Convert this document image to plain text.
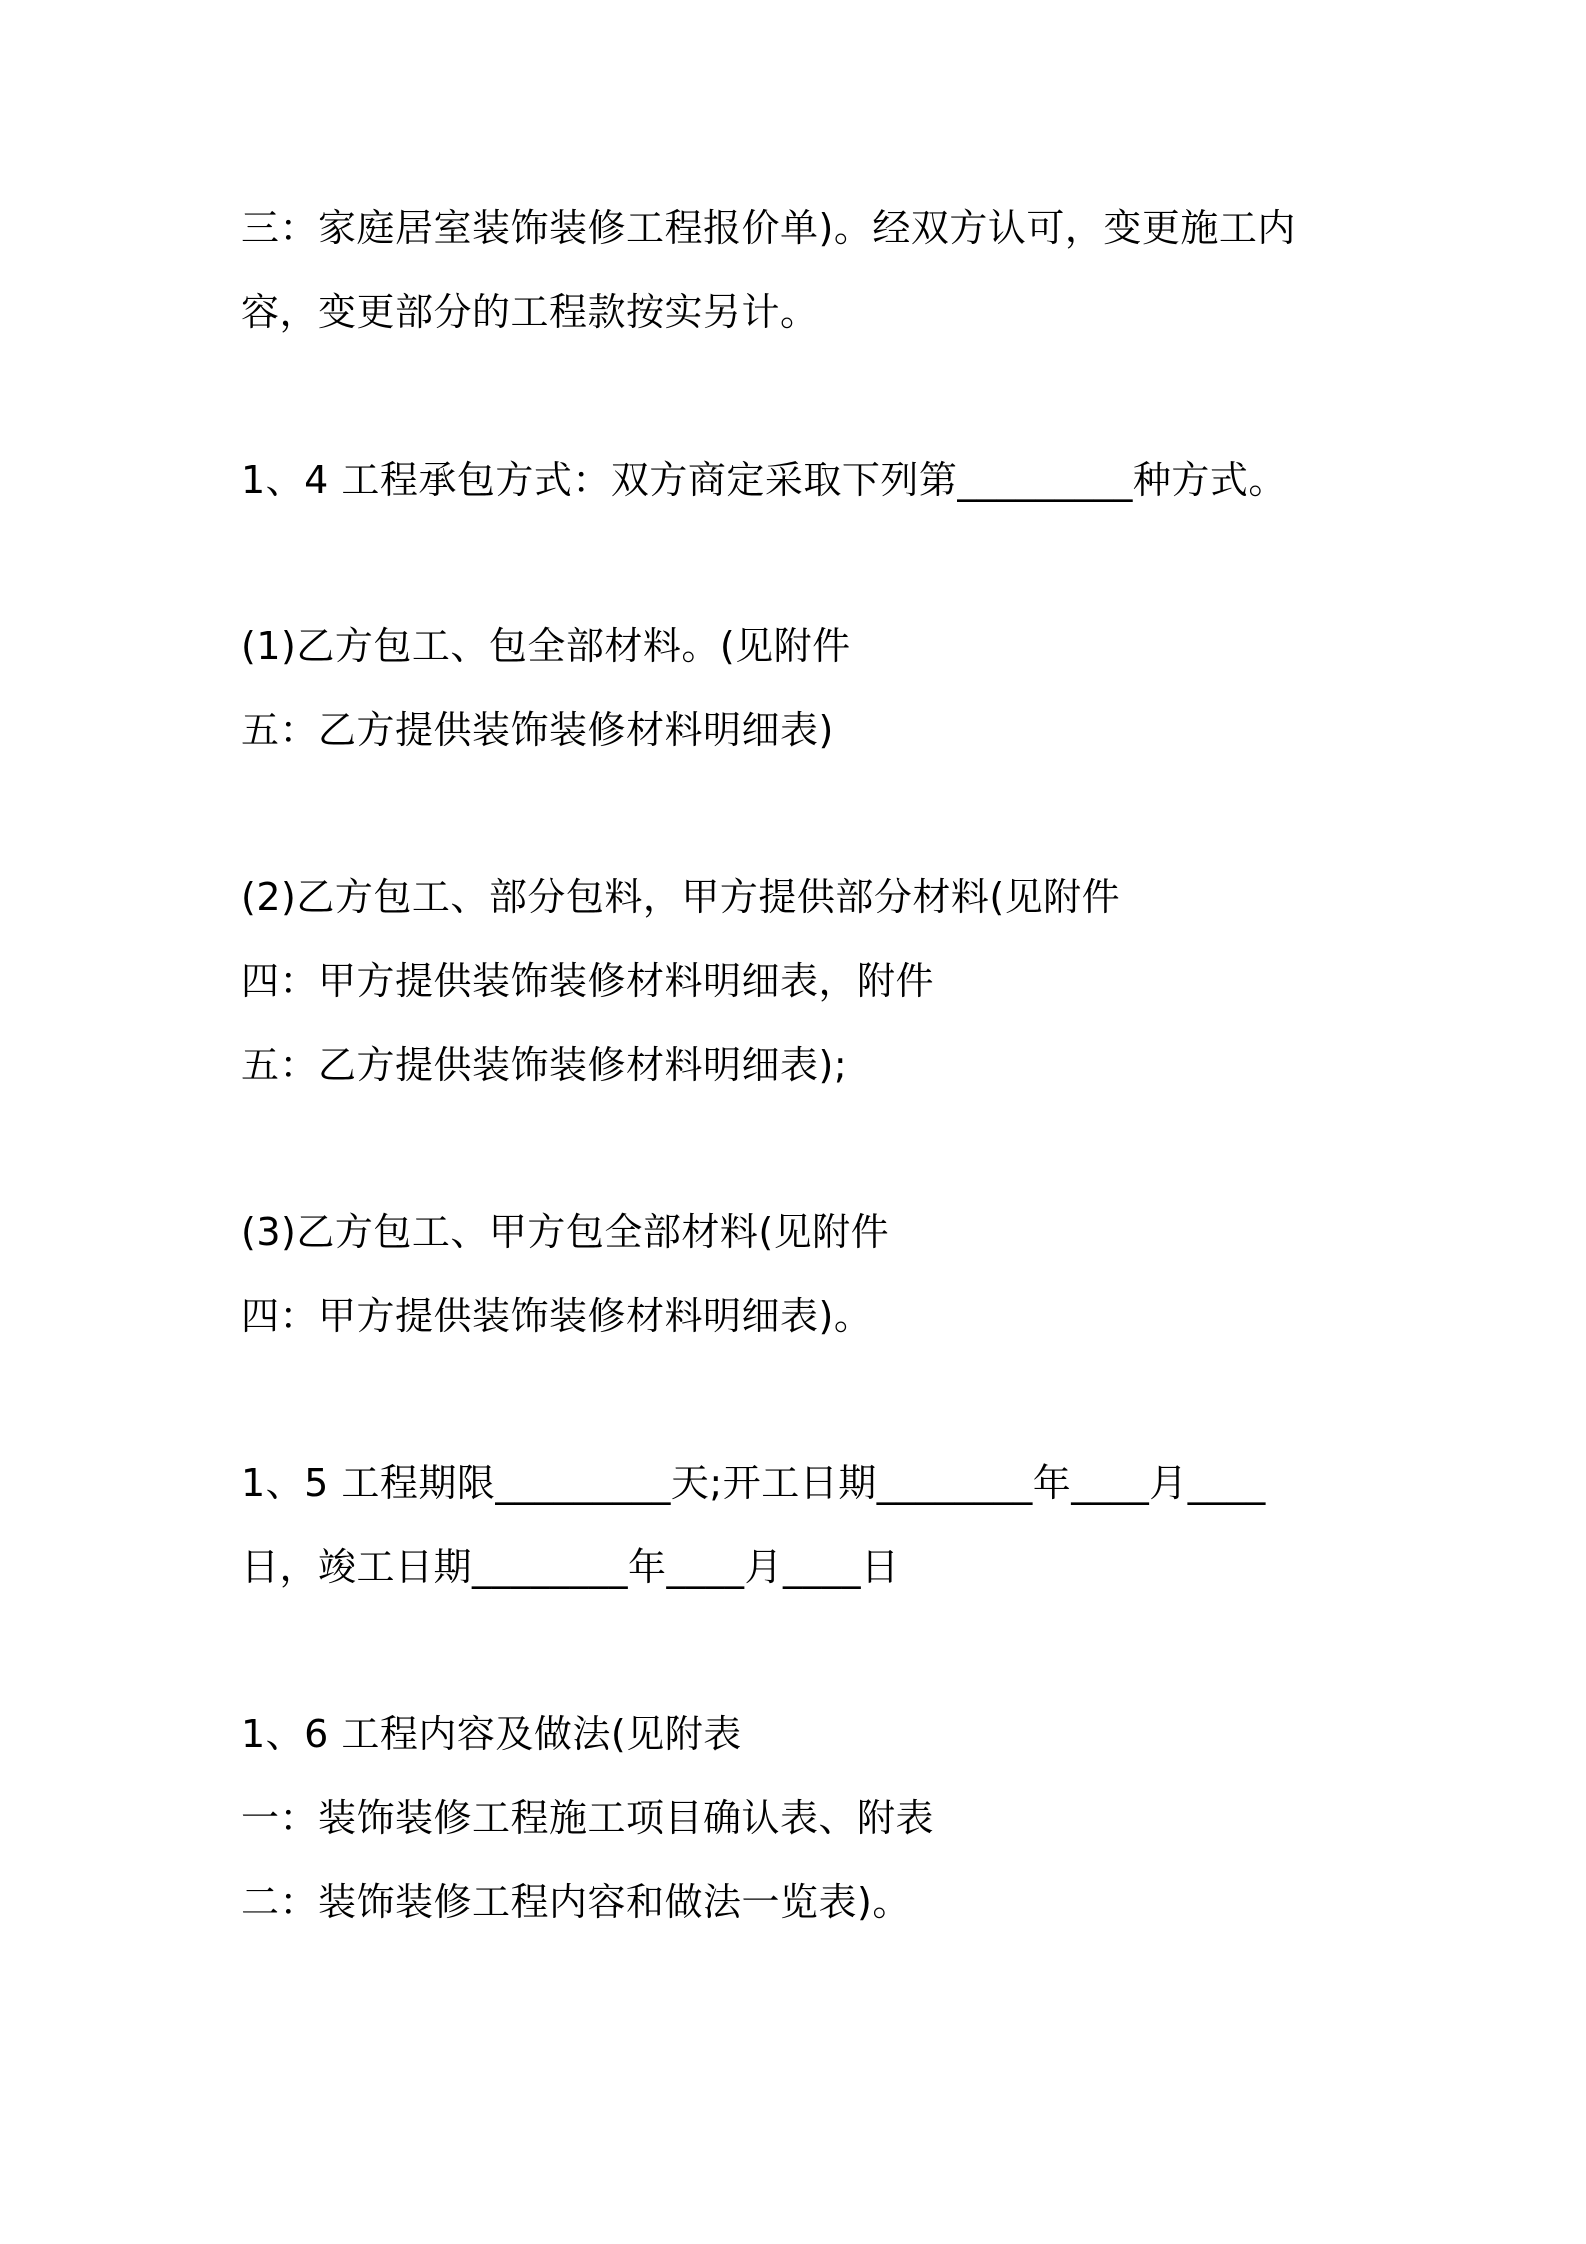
三：家庭居室装饰装修工程报价单)。经双方认可，变更施工内
容，变更部分的工程款按实另计。
1、4 工程承包方式：双方商定采取下列第_________种方式。
(1)乙方包工、包全部材料。(见附件
五：乙方提供装饰装修材料明细表)
(2)乙方包工、部分包料，甲方提供部分材料(见附件
四：甲方提供装饰装修材料明细表，附件
五：乙方提供装饰装修材料明细表);
(3)乙方包工、甲方包全部材料(见附件
四：甲方提供装饰装修材料明细表)。
1、5 工程期限_________天;开工日期________年____月____
日，竣工日期________年____月____日
1、6 工程内容及做法(见附表
一：装饰装修工程施工项目确认表、附表
二：装饰装修工程内容和做法一览表)。
